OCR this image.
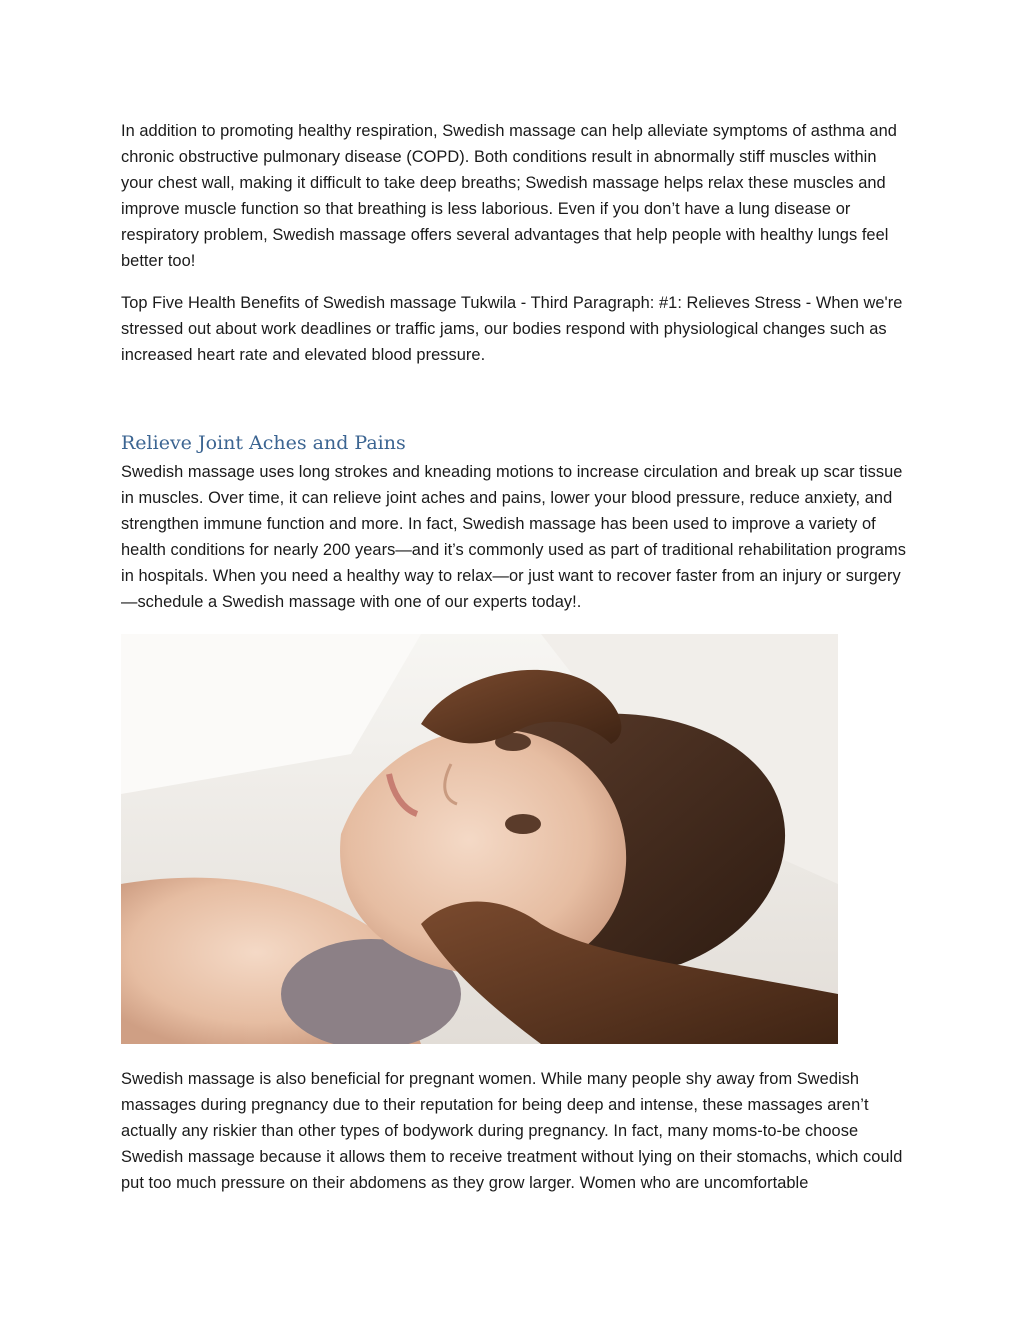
In addition to promoting healthy respiration, Swedish massage can help alleviate symptoms of asthma and chronic obstructive pulmonary disease (COPD). Both conditions result in abnormally stiff muscles within your chest wall, making it difficult to take deep breaths; Swedish massage helps relax these muscles and improve muscle function so that breathing is less laborious. Even if you don’t have a lung disease or respiratory problem, Swedish massage offers several advantages that help people with healthy lungs feel better too!

Top Five Health Benefits of Swedish massage Tukwila - Third Paragraph: #1: Relieves Stress - When we're stressed out about work deadlines or traffic jams, our bodies respond with physiological changes such as increased heart rate and elevated blood pressure.

Relieve Joint Aches and Pains

Swedish massage uses long strokes and kneading motions to increase circulation and break up scar tissue in muscles. Over time, it can relieve joint aches and pains, lower your blood pressure, reduce anxiety, and strengthen immune function and more. In fact, Swedish massage has been used to improve a variety of health conditions for nearly 200 years—and it’s commonly used as part of traditional rehabilitation programs in hospitals. When you need a healthy way to relax—or just want to recover faster from an injury or surgery—schedule a Swedish massage with one of our experts today!.

Swedish massage is also beneficial for pregnant women. While many people shy away from Swedish massages during pregnancy due to their reputation for being deep and intense, these massages aren’t actually any riskier than other types of bodywork during pregnancy. In fact, many moms-to-be choose Swedish massage because it allows them to receive treatment without lying on their stomachs, which could put too much pressure on their abdomens as they grow larger. Women who are uncomfortable
